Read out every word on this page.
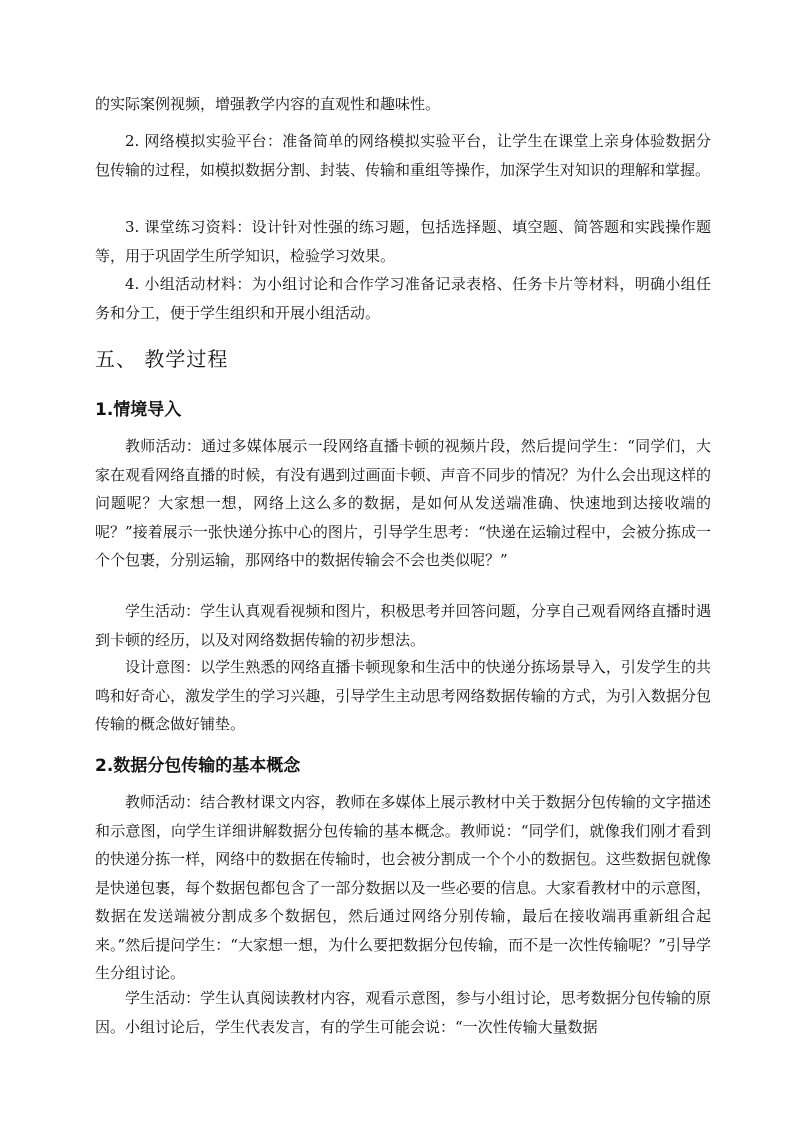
的实际案例视频，增强教学内容的直观性和趣味性。

2. 网络模拟实验平台：准备简单的网络模拟实验平台，让学生在课堂上亲身体验数据分包传输的过程，如模拟数据分割、封装、传输和重组等操作，加深学生对知识的理解和掌握。

3. 课堂练习资料：设计针对性强的练习题，包括选择题、填空题、简答题和实践操作题等，用于巩固学生所学知识，检验学习效果。

4. 小组活动材料：为小组讨论和合作学习准备记录表格、任务卡片等材料，明确小组任务和分工，便于学生组织和开展小组活动。

五、 教学过程
1.情境导入

教师活动：通过多媒体展示一段网络直播卡顿的视频片段，然后提问学生：“同学们，大家在观看网络直播的时候，有没有遇到过画面卡顿、声音不同步的情况？为什么会出现这样的问题呢？大家想一想，网络上这么多的数据，是如何从发送端准确、快速地到达接收端的呢？”接着展示一张快递分拣中心的图片，引导学生思考：“快递在运输过程中，会被分拣成一个个包裹，分别运输，那网络中的数据传输会不会也类似呢？”

学生活动：学生认真观看视频和图片，积极思考并回答问题，分享自己观看网络直播时遇到卡顿的经历，以及对网络数据传输的初步想法。

设计意图：以学生熟悉的网络直播卡顿现象和生活中的快递分拣场景导入，引发学生的共鸣和好奇心，激发学生的学习兴趣，引导学生主动思考网络数据传输的方式，为引入数据分包传输的概念做好铺垫。

2.数据分包传输的基本概念

教师活动：结合教材课文内容，教师在多媒体上展示教材中关于数据分包传输的文字描述和示意图，向学生详细讲解数据分包传输的基本概念。教师说：“同学们，就像我们刚才看到的快递分拣一样，网络中的数据在传输时，也会被分割成一个个小的数据包。这些数据包就像是快递包裹，每个数据包都包含了一部分数据以及一些必要的信息。大家看教材中的示意图，数据在发送端被分割成多个数据包，然后通过网络分别传输，最后在接收端再重新组合起来。”然后提问学生：“大家想一想，为什么要把数据分包传输，而不是一次性传输呢？”引导学生分组讨论。

学生活动：学生认真阅读教材内容，观看示意图，参与小组讨论，思考数据分包传输的原因。小组讨论后，学生代表发言，有的学生可能会说：“一次性传输大量数据
